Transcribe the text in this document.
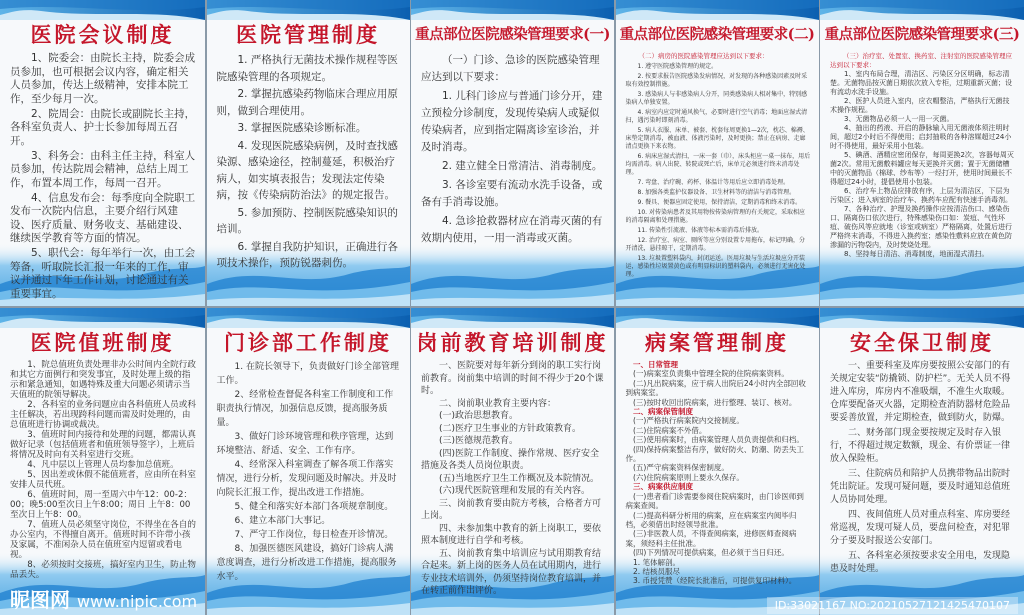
医院会议制度

1、院委会：由院长主持，院委会成员参加，也可根据会议内容，确定相关人员参加，传达上级精神，安排本院工作，至少每月一次。

2、院周会：由院长或副院长主持，各科室负责人、护士长参加每周五召开。

3、科务会：由科主任主持，科室人员参加，传达院周会精神，总结上周工作，布置本周工作，每周一召开。

4、信息发布会：每季度向全院职工发布一次院内信息，主要介绍行风建设、医疗质量、财务收支、基础建设、继续医学教育等方面的情况。

5、职代会：每年举行一次，由工会筹备，听取院长汇报一年来的工作，审议并通过下年工作计划，讨论通过有关重要事宜。

医院管理制度

1. 严格执行无菌技术操作规程等医院感染管理的各项规定。

2. 掌握抗感染药物临床合理应用原则，做到合理使用。

3. 掌握医院感染诊断标准。

4. 发现医院感染病例，及时查找感染源、感染途径，控制蔓延，积极治疗病人，如实填表报告；发现法定传染病，按《传染病防治法》的规定报告。

5. 参加预防、控制医院感染知识的培训。

6. 掌握自我防护知识，正确进行各项技术操作，预防锐器刺伤。

重点部位医院感染管理要求(一)

（一）门诊、急诊的医院感染管理应达到以下要求：

1. 儿科门诊应与普通门诊分开，建立预检分诊制度，发现传染病人或疑似传染病者，应到指定隔离诊室诊治，并及时消毒。

2. 建立健全日常清洁、消毒制度。

3. 各诊室要有流动水洗手设备，或备有手消毒设施。

4. 急诊抢救器材应在消毒灭菌的有效期内使用，一用一消毒或灭菌。

重点部位医院感染管理要求(二)

（二）病房的医院感染管理应达到以下要求：

1. 遵守医院感染管理的规定。

2. 按要求报告医院感染发病情况，对发现的各种感染因素及时采取有效控制措施。

3. 感染病人与非感染病人分开，同类感染病人相对集中，特别感染病人单独安置。

4. 病室内应定时通风换气，必要时进行空气消毒；地面应湿式清扫，遇污染时即刻消毒。

5. 病人衣服、床单、被套、枕套每周更换1—2次，枕芯、棉褥、床垫定期消毒，被血液、体液污染时，及时更换；禁止在病房、走廊清点更换下来衣物。

6. 病床应湿式清扫，一床一套（巾），床头柜应一桌一抹布，用后均需消毒。病人出院、转院或死亡后，床单元必须进行终末消毒处理。

7. 弯盘、治疗碗、药杯、体温计等用后应立即消毒处理。

8. 加强各类监护仪器设备、卫生材料等的清洁与消毒管理。

9. 餐具、便器应固定使用，保持清洁，定期消毒和终末消毒。

10. 对传染病患者及其用物按传染病管理的有关规定，采取相应的消毒隔离和处理措施。

11. 传染性引流液、体液等标本需消毒后排放。

12. 治疗室、病室、厕所等应分别设置专用拖布，标记明确，分开清洗，悬挂晾干，定期消毒。

13. 垃圾置塑料袋内，封闭运送。医用垃圾与生活垃圾应分开装运，感染性垃圾置黄色或有明显标识的塑料袋内，必须进行无害化处理。

重点部位医院感染管理要求(三)

（三）治疗室、处置室、换药室、注射室的医院感染管理应达到以下要求：

1、室内布局合理，清洁区、污染区分区明确，标志清楚。无菌物品按灭菌日期依次放入专柜，过期重新灭菌；设有流动水洗手设施。

2、医护人员进入室内，应衣帽整洁，严格执行无菌技术操作规程。

3、无菌物品必须一人一用一灭菌。

4、抽出的药液、开启的静脉输入用无菌液体须注明时间，超过2小时后不得使用；启封抽吸的各种溶媒超过24小时不得使用，最好采用小包装。

5、碘酒、酒精应密闭保存，每周更换2次，容器每周灭菌2次。常用无菌敷料罐应每天更换并灭菌；置于无菌储槽中的灭菌物品（棉球、纱布等）一经打开，使用时间最长不得超过24小时，提倡使用小包装。

6、治疗车上物品应排放有序，上层为清洁区，下层为污染区；进入病室的治疗车、换药车应配有快速手消毒剂。

7、各种治疗、护理及换药操作应按清洁伤口、感染伤口、隔离伤口依次进行，特殊感染伤口如：炭疽、气性坏疽、破伤风等应就地（诊室或病室）严格隔离，处置后进行严格终末消毒，不得进入换药室；感染性敷料应放在黄色防渗漏的污物袋内，及时焚烧处理。

8、坚持每日清洁、消毒制度，地面湿式清扫。

医院值班制度

1、院总值班负责处理非办公时间内全院行政和其它方面例行和突发事宜，及时处理上级的指示和紧急通知，如遇特殊及重大问题必须请示当天值班的院领导解决。

2、各科室的业务问题应由各科值班人员或科主任解决，若出现跨科问题而需及时处理的，由总值班进行协调或裁决。

3、值班时间内接待和处理的问题，都需认真做好记录（包括值班者和值班领导签字），上班后将情况及时向有关科室进行交班。

4、凡中层以上管理人员均参加总值班。

5、因出差或休假不能值班者，应由所在科室安排人员代班。

6、值班时间，周一至周六中午12：00-2：00；晚5:00至次日上午8:00；周日 上午8：00至次日上午8：00。

7、值班人员必须坚守岗位，不得坐在各自的办公室内，不得擅自离开。值班时间不许带小孩及家属，不准闲杂人员在值班室内逗留或看电视。

8、必须按时交接班，搞好室内卫生，防止物品丢失。

门诊部工作制度

1. 在院长领导下，负责做好门诊全部管理工作。

2、经常检查督促各科室工作制度和工作职责执行情况，加强信息反馈，提高服务质量。

3、做好门诊环境管理和秩序管理，达到环境整洁、舒适、安全、工作有序。

4、经常深入科室调查了解各项工作落实情况，进行分析，发现问题及时解决。并及时向院长汇报工作，提出改进工作措施。

5、健全和落实好本部门各项规章制度。

6、建立本部门大事记。

7、严守工作岗位，每日检查开诊情况。

8、加强医德医风建设，搞好门诊病人满意度调查，进行分析改进工作措施，提高服务水平。

岗前教育培训制度

一、医院要对每年新分到岗的职工实行岗前教育。岗前集中培训的时间不得少于20个课时。

二、岗前职业教育主要内容：

(一)政治思想教育。

(二)医疗卫生事业的方针政策教育。

(三)医德规范教育。

(四)医院工作制度、操作常规、医疗安全措施及各类人员岗位职责。

(五)当地医疗卫生工作概况及本院情况。

(六)现代医院管理和发展的有关内容。

三、岗前教育要由院方考核，合格者方可上岗。

四、未参加集中教育的新上岗职工，要依照本制度进行自学和考核。

五、岗前教育集中培训应与试用期教育结合起来。新上岗的医务人员在试用期内，进行专业技术培训外，仍须坚持岗位教育培训，并在转正前作出评价。

病案管理制度

一、日常管理

(一)病案室负责集中管理全院的住院病案资料。

(二)凡出院病案，应于病人出院后24小时内全部回收到病案室。

(三)按时收回出院病案，进行整理、装订、核对。

二、病案保管制度

(一)严格执行病案院内交接制度。

(二)住院病案不外借。

(三)使用病案时，由病案管理人员负责提供和归档。

(四)保持病案整洁有序，做好防火、防潮、防丢失工作。

(五)严守病案资料保密制度。

(六)住院病案原则上要永久保存。

三、病案供应制度

(一)患者看门诊需要参阅住院病案时，由门诊医师到病案查阅。

(二)提高科研分析用的病案，应在病案室内阅毕归档，必须借出时经领导批准。

(三)非医教人员，不得查阅病案，进修医师查阅病案，须经科主任批准。

(四)下列情况可提供病案，但必须于当日归还。

1. 笔体解剖。

2. 结核员服尽

3. 币授凭赞（经院长批准后，可提供复印材料）。

安全保卫制度

一、重要科室及库房要按照公安部门的有关规定安装“防撬锁、防护栏”。无关人员不得进入库房，库房内不准吸烟，不准生火取暖。仓库要配备灭火器，定期检查消防器材危险品要妥善放置，并定期检查，做到防火，防爆。

二、财务部门现金要按规定及时存入银行，不得超过规定数额，现金、有价票证一律放入保险柜。

三、住院病员和陪护人员携带物品出院时凭出院证。发现可疑问题，要及时通知总值班人员协同处理。

四、夜间值班人员对重点科室、库房要经常巡视，发现可疑人员，要盘问检查，对犯罪分子要及时报送公安部门。

五、各科室必须按要求安全用电，发现隐患及时处理。

昵图网 www.nipic.com	ID:33021167 NO:20210527121425470107
